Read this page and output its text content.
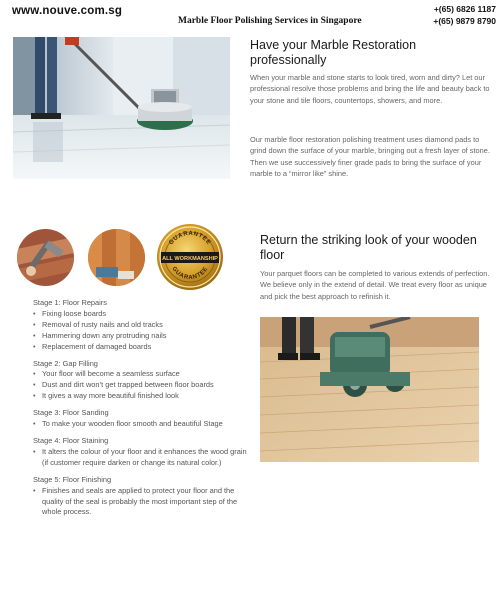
www.nouve.com.sg
Marble Floor Polishing Services in Singapore
+(65) 6826 1187
+(65) 9879 8790
Have your Marble Restoration professionally

When your marble and stone starts to look tired, worn and dirty? Let our professional resolve those problems and bring the life and beauty back to your stone and tile floors, countertops, showers, and more.

Our marble floor restoration polishing treatment uses diamond pads to grind down the surface of your marble, bringing out a fresh layer of stone. Then we use successively finer grade pads to bring the surface of your marble to a “mirror like” shine.

GUARANTEE
ALL WORKMANSHIP
GUARANTEE
Return the striking look of your wooden floor

Your parquet floors can be completed to various extends of perfection. We believe only in the extend of detail. We treat every floor as unique and pick the best approach to refinish it.

Stage 1: Floor Repairs
• Fixing loose boards
• Removal of rusty nails and old tracks
• Hammering down any protruding nails
• Replacement of damaged boards
Stage 2: Gap Filling
• Your floor will become a seamless surface
• Dust and dirt won’t get trapped between floor boards
• It gives a way more beautiful finished look
Stage 3: Floor Sanding
• To make your wooden floor smooth and beautiful Stage
Stage 4: Floor Staining
• It alters the colour of your floor and it enhances the wood grain (if customer require darken or change its natural color.)
Stage 5: Floor Finishing
• Finishes and seals are applied to protect your floor and the quality of the seal is probably the most important step of the whole process.
